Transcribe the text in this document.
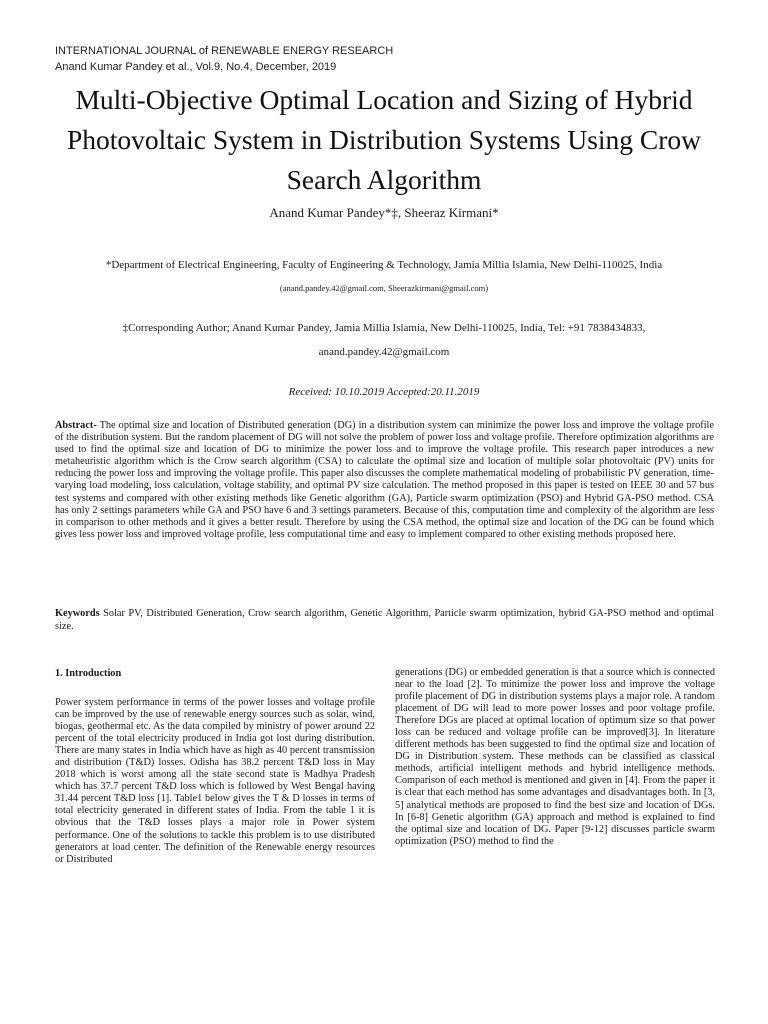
INTERNATIONAL JOURNAL of RENEWABLE ENERGY RESEARCH
Anand Kumar Pandey et al., Vol.9, No.4, December, 2019
Multi-Objective Optimal Location and Sizing of Hybrid Photovoltaic System in Distribution Systems Using Crow Search Algorithm
Anand Kumar Pandey*‡, Sheeraz Kirmani*
*Department of Electrical Engineering, Faculty of Engineering & Technology, Jamia Millia Islamia, New Delhi-110025, India
(anand.pandey.42@gmail.com, Sheerazkirmani@gmail.com)
‡Corresponding Author; Anand Kumar Pandey, Jamia Millia Islamia, New Delhi-110025, India, Tel: +91 7838434833,
anand.pandey.42@gmail.com
Received: 10.10.2019 Accepted:20.11.2019
Abstract- The optimal size and location of Distributed generation (DG) in a distribution system can minimize the power loss and improve the voltage profile of the distribution system. But the random placement of DG will not solve the problem of power loss and voltage profile. Therefore optimization algorithms are used to find the optimal size and location of DG to minimize the power loss and to improve the voltage profile. This research paper introduces a new metaheuristic algorithm which is the Crow search algorithm (CSA) to calculate the optimal size and location of multiple solar photovoltaic (PV) units for reducing the power loss and improving the voltage profile. This paper also discusses the complete mathematical modeling of probabilistic PV generation, time-varying load modeling, loss calculation, voltage stability, and optimal PV size calculation. The method proposed in this paper is tested on IEEE 30 and 57 bus test systems and compared with other existing methods like Genetic algorithm (GA), Particle swarm optimization (PSO) and Hybrid GA-PSO method. CSA has only 2 settings parameters while GA and PSO have 6 and 3 settings parameters. Because of this, computation time and complexity of the algorithm are less in comparison to other methods and it gives a better result. Therefore by using the CSA method, the optimal size and location of the DG can be found which gives less power loss and improved voltage profile, less computational time and easy to implement compared to other existing methods proposed here.
Keywords Solar PV, Distributed Generation, Crow search algorithm, Genetic Algorithm, Particle swarm optimization, hybrid GA-PSO method and optimal size.
1. Introduction
Power system performance in terms of the power losses and voltage profile can be improved by the use of renewable energy sources such as solar, wind, biogas, geothermal etc. As the data compiled by ministry of power around 22 percent of the total electricity produced in India got lost during distribution. There are many states in India which have as high as 40 percent transmission and distribution (T&D) losses. Odisha has 38.2 percent T&D loss in May 2018 which is worst among all the state second state is Madhya Pradesh which has 37.7 percent T&D loss which is followed by West Bengal having 31.44 percent T&D loss [1]. Table1 below gives the T & D losses in terms of total electricity generated in different states of India. From the table 1 it is obvious that the T&D losses plays a major role in Power system performance. One of the solutions to tackle this problem is to use distributed generators at load center. The definition of the Renewable energy resources or Distributed
generations (DG) or embedded generation is that a source which is connected near to the load [2]. To minimize the power loss and improve the voltage profile placement of DG in distribution systems plays a major role. A random placement of DG will lead to more power losses and poor voltage profile. Therefore DGs are placed at optimal location of optimum size so that power loss can be reduced and voltage profile can be improved[3]. In literature different methods has been suggested to find the optimal size and location of DG in Distribution system. These methods can be classified as classical methods, artificial intelligent methods and hybrid intelligence methods. Comparison of each method is mentioned and given in [4]. From the paper it is clear that each method has some advantages and disadvantages both. In [3, 5] analytical methods are proposed to find the best size and location of DGs. In [6-8] Genetic algorithm (GA) approach and method is explained to find the optimal size and location of DG. Paper [9-12] discusses particle swarm optimization (PSO) method to find the
